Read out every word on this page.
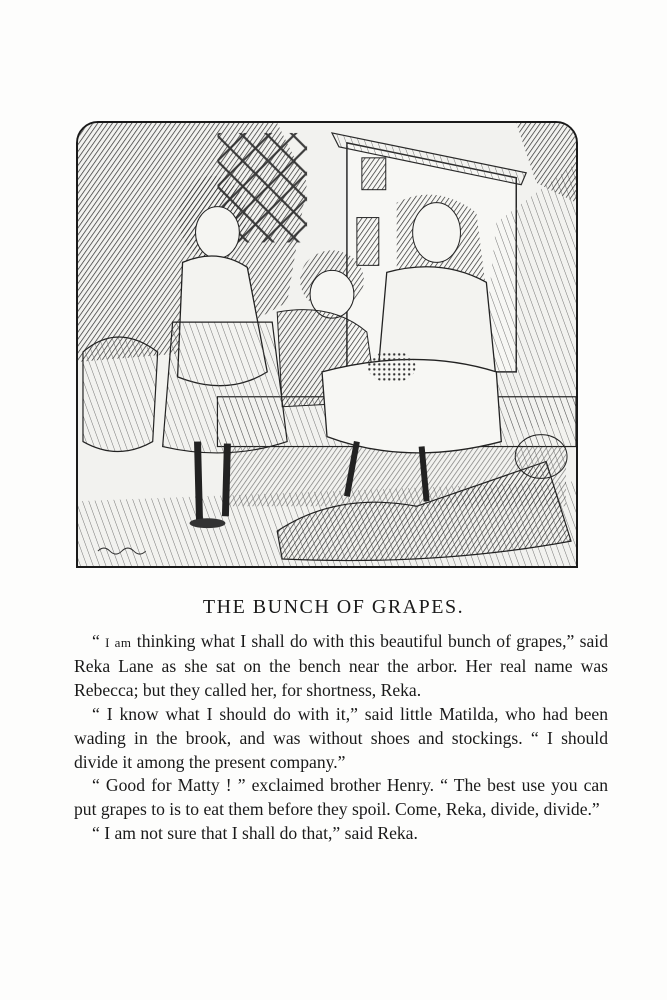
THE BUNCH OF GRAPES.

“ I am thinking what I shall do with this beautiful bunch of grapes,” said Reka Lane as she sat on the bench near the arbor. Her real name was Rebecca; but they called her, for shortness, Reka.

“ I know what I should do with it,” said little Matilda, who had been wading in the brook, and was without shoes and stockings. “ I should divide it among the present company.”

“ Good for Matty ! ” exclaimed brother Henry. “ The best use you can put grapes to is to eat them before they spoil. Come, Reka, divide, divide.”

“ I am not sure that I shall do that,” said Reka.
